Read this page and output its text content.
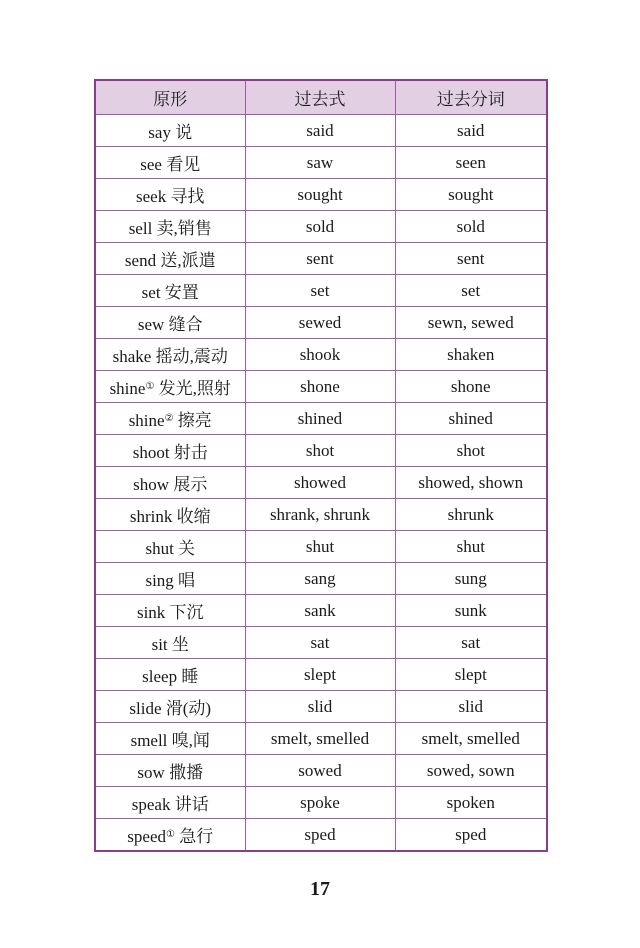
原形	过去式	过去分词
say 说	said	said
see 看见	saw	seen
seek 寻找	sought	sought
sell 卖,销售	sold	sold
send 送,派遣	sent	sent
set 安置	set	set
sew 缝合	sewed	sewn, sewed
shake 摇动,震动	shook	shaken
shine① 发光,照射	shone	shone
shine② 擦亮	shined	shined
shoot 射击	shot	shot
show 展示	showed	showed, shown
shrink 收缩	shrank, shrunk	shrunk
shut 关	shut	shut
sing 唱	sang	sung
sink 下沉	sank	sunk
sit 坐	sat	sat
sleep 睡	slept	slept
slide 滑(动)	slid	slid
smell 嗅,闻	smelt, smelled	smelt, smelled
sow 撒播	sowed	sowed, sown
speak 讲话	spoke	spoken
speed① 急行	sped	sped
17
